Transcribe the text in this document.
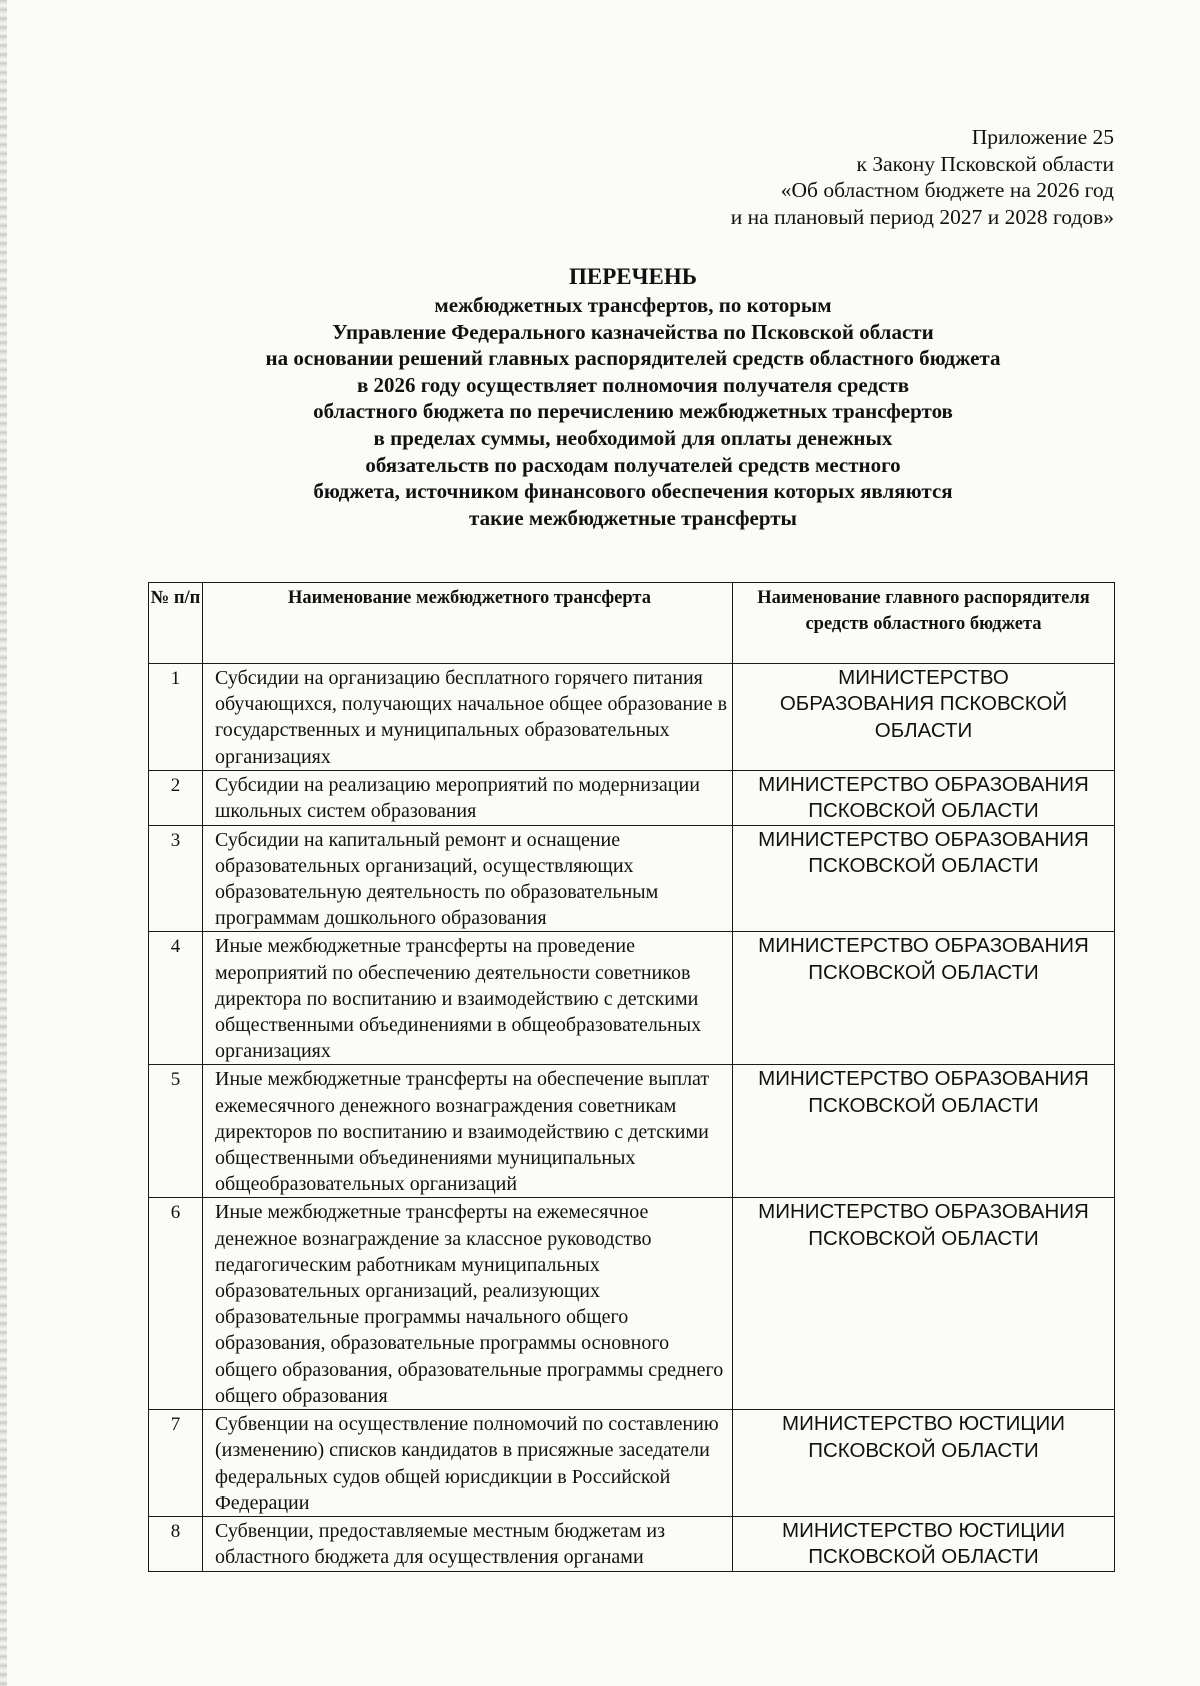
Приложение 25
к Закону Псковской области
«Об областном бюджете на 2026 год
и на плановый период 2027 и 2028 годов»
ПЕРЕЧЕНЬ
межбюджетных трансфертов, по которым
Управление Федерального казначейства по Псковской области
на основании решений главных распорядителей средств областного бюджета
в 2026 году осуществляет полномочия получателя средств
областного бюджета по перечислению межбюджетных трансфертов
в пределах суммы, необходимой для оплаты денежных
обязательств по расходам получателей средств местного
бюджета, источником финансового обеспечения которых являются
такие межбюджетные трансферты
№ п/п	Наименование межбюджетного трансферта	Наименование главного распорядителя средств областного бюджета
1	Субсидии на организацию бесплатного горячего питания обучающихся, получающих начальное общее образование в государственных и муниципальных образовательных организациях	МИНИСТЕРСТВО ОБРАЗОВАНИЯ ПСКОВСКОЙ ОБЛАСТИ
2	Субсидии на реализацию мероприятий по модернизации школьных систем образования	МИНИСТЕРСТВО ОБРАЗОВАНИЯ ПСКОВСКОЙ ОБЛАСТИ
3	Субсидии на капитальный ремонт и оснащение образовательных организаций, осуществляющих образовательную деятельность по образовательным программам дошкольного образования	МИНИСТЕРСТВО ОБРАЗОВАНИЯ ПСКОВСКОЙ ОБЛАСТИ
4	Иные межбюджетные трансферты на проведение мероприятий по обеспечению деятельности советников директора по воспитанию и взаимодействию с детскими общественными объединениями в общеобразовательных организациях	МИНИСТЕРСТВО ОБРАЗОВАНИЯ ПСКОВСКОЙ ОБЛАСТИ
5	Иные межбюджетные трансферты на обеспечение выплат ежемесячного денежного вознаграждения советникам директоров по воспитанию и взаимодействию с детскими общественными объединениями муниципальных общеобразовательных организаций	МИНИСТЕРСТВО ОБРАЗОВАНИЯ ПСКОВСКОЙ ОБЛАСТИ
6	Иные межбюджетные трансферты на ежемесячное денежное вознаграждение за классное руководство педагогическим работникам муниципальных образовательных организаций, реализующих образовательные программы начального общего образования, образовательные программы основного общего образования, образовательные программы среднего общего образования	МИНИСТЕРСТВО ОБРАЗОВАНИЯ ПСКОВСКОЙ ОБЛАСТИ
7	Субвенции на осуществление полномочий по составлению (изменению) списков кандидатов в присяжные заседатели федеральных судов общей юрисдикции в Российской Федерации	МИНИСТЕРСТВО ЮСТИЦИИ ПСКОВСКОЙ ОБЛАСТИ
8	Субвенции, предоставляемые местным бюджетам из областного бюджета для осуществления органами	МИНИСТЕРСТВО ЮСТИЦИИ ПСКОВСКОЙ ОБЛАСТИ
